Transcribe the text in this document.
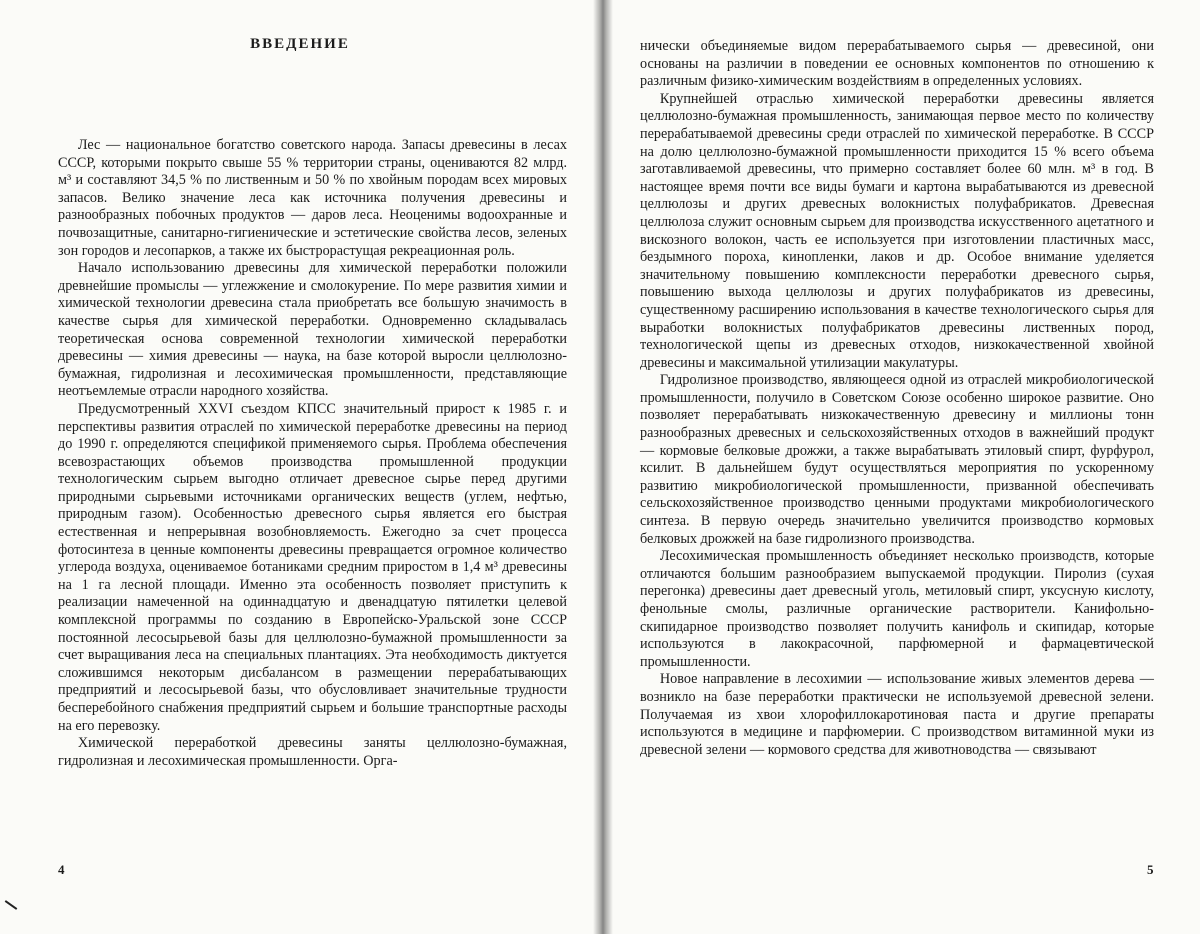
ВВЕДЕНИЕ

Лес — национальное богатство советского народа. Запасы древесины в лесах СССР, которыми покрыто свыше 55 % территории страны, оцениваются 82 млрд. м³ и составляют 34,5 % по лиственным и 50 % по хвойным породам всех мировых запасов. Велико значение леса как источника получения древесины и разнообразных побочных продуктов — даров леса. Неоценимы водоохранные и почвозащитные, санитарно-гигиенические и эстетические свойства лесов, зеленых зон городов и лесопарков, а также их быстрорастущая рекреационная роль.

Начало использованию древесины для химической переработки положили древнейшие промыслы — углежжение и смолокурение. По мере развития химии и химической технологии древесина стала приобретать все большую значимость в качестве сырья для химической переработки. Одновременно складывалась теоретическая основа современной технологии химической переработки древесины — химия древесины — наука, на базе которой выросли целлюлозно-бумажная, гидролизная и лесохимическая промышленности, представляющие неотъемлемые отрасли народного хозяйства.

Предусмотренный XXVI съездом КПСС значительный прирост к 1985 г. и перспективы развития отраслей по химической переработке древесины на период до 1990 г. определяются спецификой применяемого сырья. Проблема обеспечения всевозрастающих объемов производства промышленной продукции технологическим сырьем выгодно отличает древесное сырье перед другими природными сырьевыми источниками органических веществ (углем, нефтью, природным газом). Особенностью древесного сырья является его быстрая естественная и непрерывная возобновляемость. Ежегодно за счет процесса фотосинтеза в ценные компоненты древесины превращается огромное количество углерода воздуха, оцениваемое ботаниками средним приростом в 1,4 м³ древесины на 1 га лесной площади. Именно эта особенность позволяет приступить к реализации намеченной на одиннадцатую и двенадцатую пятилетки целевой комплексной программы по созданию в Европейско-Уральской зоне СССР постоянной лесосырьевой базы для целлюлозно-бумажной промышленности за счет выращивания леса на специальных плантациях. Эта необходимость диктуется сложившимся некоторым дисбалансом в размещении перерабатывающих предприятий и лесосырьевой базы, что обусловливает значительные трудности бесперебойного снабжения предприятий сырьем и большие транспортные расходы на его перевозку.

Химической переработкой древесины заняты целлюлозно-бумажная, гидролизная и лесохимическая промышленности. Орга-

4

нически объединяемые видом перерабатываемого сырья — древесиной, они основаны на различии в поведении ее основных компонентов по отношению к различным физико-химическим воздействиям в определенных условиях.

Крупнейшей отраслью химической переработки древесины является целлюлозно-бумажная промышленность, занимающая первое место по количеству перерабатываемой древесины среди отраслей по химической переработке. В СССР на долю целлюлозно-бумажной промышленности приходится 15 % всего объема заготавливаемой древесины, что примерно составляет более 60 млн. м³ в год. В настоящее время почти все виды бумаги и картона вырабатываются из древесной целлюлозы и других древесных волокнистых полуфабрикатов. Древесная целлюлоза служит основным сырьем для производства искусственного ацетатного и вискозного волокон, часть ее используется при изготовлении пластичных масс, бездымного пороха, кинопленки, лаков и др. Особое внимание уделяется значительному повышению комплексности переработки древесного сырья, повышению выхода целлюлозы и других полуфабрикатов из древесины, существенному расширению использования в качестве технологического сырья для выработки волокнистых полуфабрикатов древесины лиственных пород, технологической щепы из древесных отходов, низкокачественной хвойной древесины и максимальной утилизации макулатуры.

Гидролизное производство, являющееся одной из отраслей микробиологической промышленности, получило в Советском Союзе особенно широкое развитие. Оно позволяет перерабатывать низкокачественную древесину и миллионы тонн разнообразных древесных и сельскохозяйственных отходов в важнейший продукт — кормовые белковые дрожжи, а также вырабатывать этиловый спирт, фурфурол, ксилит. В дальнейшем будут осуществляться мероприятия по ускоренному развитию микробиологической промышленности, призванной обеспечивать сельскохозяйственное производство ценными продуктами микробиологического синтеза. В первую очередь значительно увеличится производство кормовых белковых дрожжей на базе гидролизного производства.

Лесохимическая промышленность объединяет несколько производств, которые отличаются большим разнообразием выпускаемой продукции. Пиролиз (сухая перегонка) древесины дает древесный уголь, метиловый спирт, уксусную кислоту, фенольные смолы, различные органические растворители. Канифольно-скипидарное производство позволяет получить канифоль и скипидар, которые используются в лакокрасочной, парфюмерной и фармацевтической промышленности.

Новое направление в лесохимии — использование живых элементов дерева — возникло на базе переработки практически не используемой древесной зелени. Получаемая из хвои хлорофиллокаротиновая паста и другие препараты используются в медицине и парфюмерии. С производством витаминной муки из древесной зелени — кормового средства для животноводства — связывают

5
